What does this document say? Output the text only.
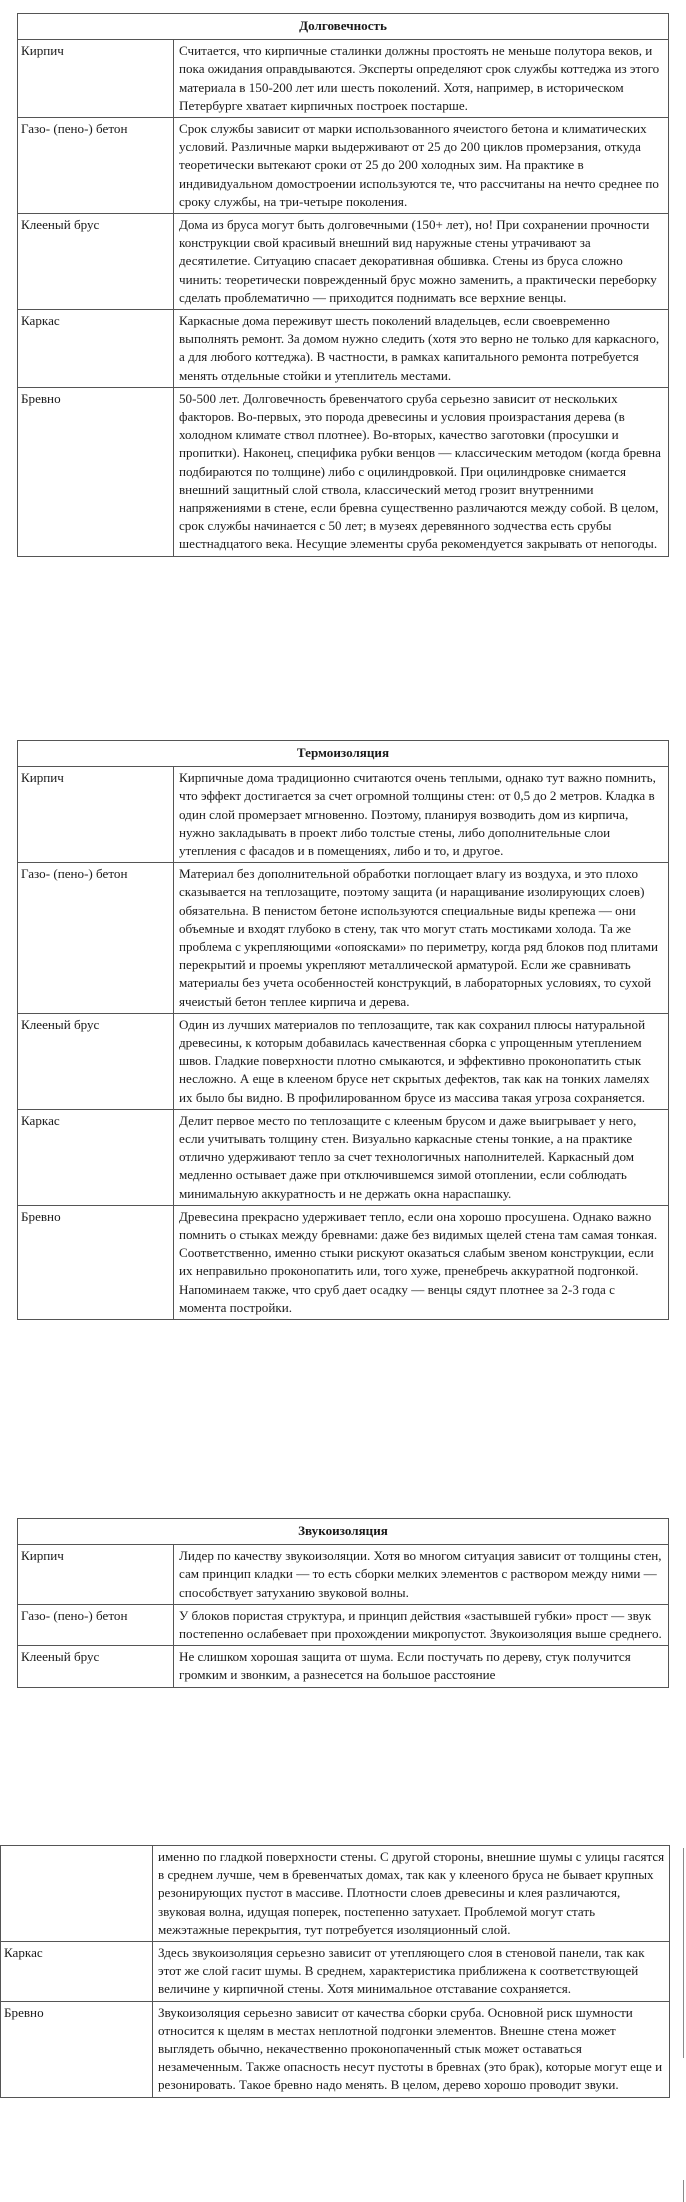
Долговечность	
Кирпич	Считается, что кирпичные сталинки должны простоять не меньше полутора веков, и пока ожидания оправдываются. Эксперты определяют срок службы коттеджа из этого материала в 150-200 лет или шесть поколений. Хотя, например, в историческом Петербурге хватает кирпичных построек постарше.
Газо- (пено-) бетон	Срок службы зависит от марки использованного ячеистого бетона и климатических условий. Различные марки выдерживают от 25 до 200 циклов промерзания, откуда теоретически вытекают сроки от 25 до 200 холодных зим. На практике в индивидуальном домостроении используются те, что рассчитаны на нечто среднее по сроку службы, на три-четыре поколения.
Клееный брус	Дома из бруса могут быть долговечными (150+ лет), но! При сохранении прочности конструкции свой красивый внешний вид наружные стены утрачивают за десятилетие. Ситуацию спасает декоративная обшивка. Стены из бруса сложно чинить: теоретически поврежденный брус можно заменить, а практически переборку сделать проблематично — приходится поднимать все верхние венцы.
Каркас	Каркасные дома переживут шесть поколений владельцев, если своевременно выполнять ремонт. За домом нужно следить (хотя это верно не только для каркасного, а для любого коттеджа). В частности, в рамках капитального ремонта потребуется менять отдельные стойки и утеплитель местами.
Бревно	50-500 лет. Долговечность бревенчатого сруба серьезно зависит от нескольких факторов. Во-первых, это порода древесины и условия произрастания дерева (в холодном климате ствол плотнее). Во-вторых, качество заготовки (просушки и пропитки). Наконец, специфика рубки венцов — классическим методом (когда бревна подбираются по толщине) либо с оцилиндровкой. При оцилиндровке снимается внешний защитный слой ствола, классический метод грозит внутренними напряжениями в стене, если бревна существенно различаются между собой. В целом, срок службы начинается с 50 лет; в музеях деревянного зодчества есть срубы шестнадцатого века. Несущие элементы сруба рекомендуется закрывать от непогоды.
Термоизоляция	
Кирпич	Кирпичные дома традиционно считаются очень теплыми, однако тут важно помнить, что эффект достигается за счет огромной толщины стен: от 0,5 до 2 метров. Кладка в один слой промерзает мгновенно. Поэтому, планируя возводить дом из кирпича, нужно закладывать в проект либо толстые стены, либо дополнительные слои утепления с фасадов и в помещениях, либо и то, и другое.
Газо- (пено-) бетон	Материал без дополнительной обработки поглощает влагу из воздуха, и это плохо сказывается на теплозащите, поэтому защита (и наращивание изолирующих слоев) обязательна. В пенистом бетоне используются специальные виды крепежа — они объемные и входят глубоко в стену, так что могут стать мостиками холода. Та же проблема с укрепляющими «опоясками» по периметру, когда ряд блоков под плитами перекрытий и проемы укрепляют металлической арматурой. Если же сравнивать материалы без учета особенностей конструкций, в лабораторных условиях, то сухой ячеистый бетон теплее кирпича и дерева.
Клееный брус	Один из лучших материалов по теплозащите, так как сохранил плюсы натуральной древесины, к которым добавилась качественная сборка с упрощенным утеплением швов. Гладкие поверхности плотно смыкаются, и эффективно проконопатить стык несложно. А еще в клееном брусе нет скрытых дефектов, так как на тонких ламелях их было бы видно. В профилированном брусе из массива такая угроза сохраняется.
Каркас	Делит первое место по теплозащите с клееным брусом и даже выигрывает у него, если учитывать толщину стен. Визуально каркасные стены тонкие, а на практике отлично удерживают тепло за счет технологичных наполнителей. Каркасный дом медленно остывает даже при отключившемся зимой отоплении, если соблюдать минимальную аккуратность и не держать окна нараспашку.
Бревно	Древесина прекрасно удерживает тепло, если она хорошо просушена. Однако важно помнить о стыках между бревнами: даже без видимых щелей стена там самая тонкая. Соответственно, именно стыки рискуют оказаться слабым звеном конструкции, если их неправильно проконопатить или, того хуже, пренебречь аккуратной подгонкой. Напоминаем также, что сруб дает осадку — венцы сядут плотнее за 2-3 года с момента постройки.
Звукоизоляция	
Кирпич	Лидер по качеству звукоизоляции. Хотя во многом ситуация зависит от толщины стен, сам принцип кладки — то есть сборки мелких элементов с раствором между ними — способствует затуханию звуковой волны.
Газо- (пено-) бетон	У блоков пористая структура, и принцип действия «застывшей губки» прост — звук постепенно ослабевает при прохождении микропустот. Звукоизоляция выше среднего.
Клееный брус	Не слишком хорошая защита от шума. Если постучать по дереву, стук получится громким и звонким, а разнесется на большое расстояние
	именно по гладкой поверхности стены. С другой стороны, внешние шумы с улицы гасятся в среднем лучше, чем в бревенчатых домах, так как у клееного бруса не бывает крупных резонирующих пустот в массиве. Плотности слоев древесины и клея различаются, звуковая волна, идущая поперек, постепенно затухает. Проблемой могут стать межэтажные перекрытия, тут потребуется изоляционный слой.
Каркас	Здесь звукоизоляция серьезно зависит от утепляющего слоя в стеновой панели, так как этот же слой гасит шумы. В среднем, характеристика приближена к соответствующей величине у кирпичной стены. Хотя минимальное отставание сохраняется.
Бревно	Звукоизоляция серьезно зависит от качества сборки сруба. Основной риск шумности относится к щелям в местах неплотной подгонки элементов. Внешне стена может выглядеть обычно, некачественно проконопаченный стык может оставаться незамеченным. Также опасность несут пустоты в бревнах (это брак), которые могут еще и резонировать. Такое бревно надо менять. В целом, дерево хорошо проводит звуки.
